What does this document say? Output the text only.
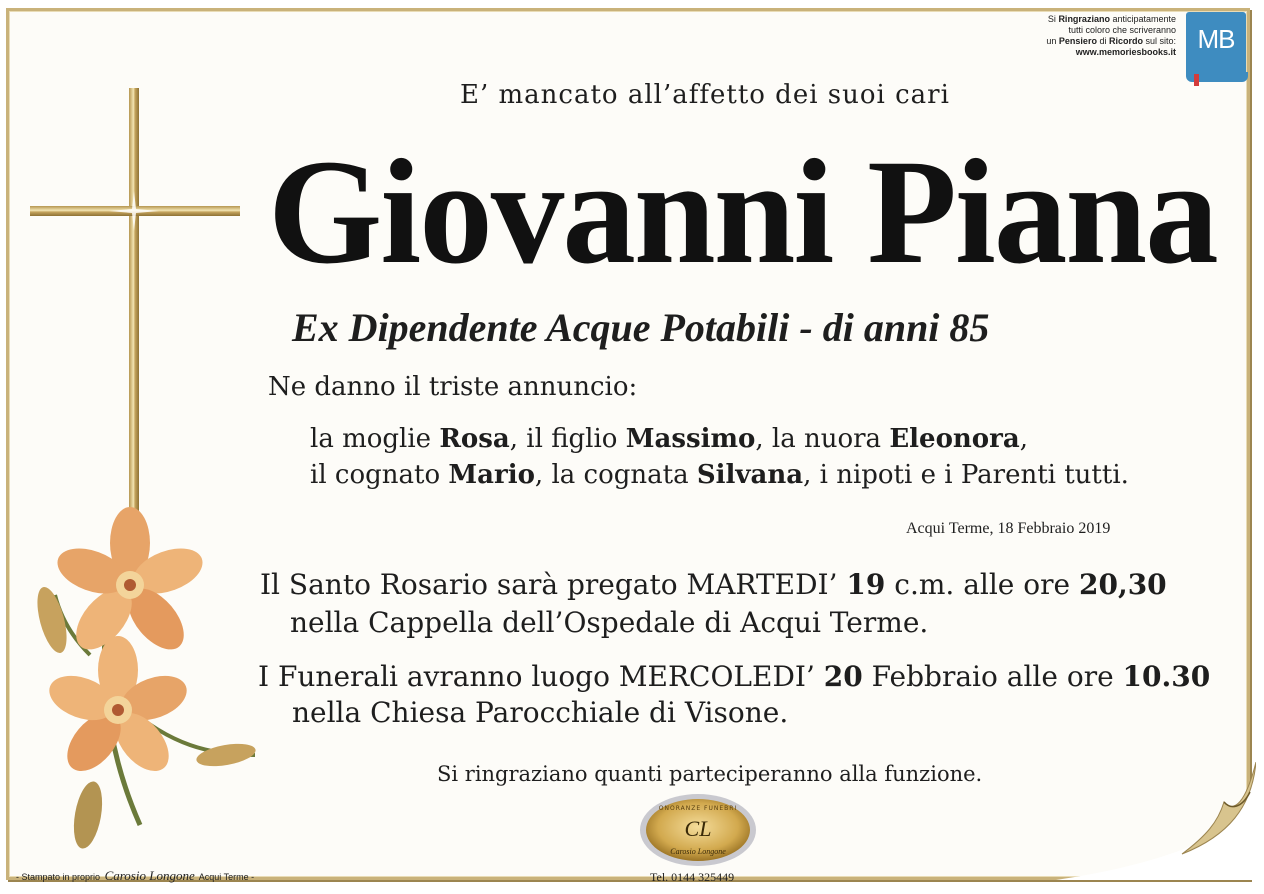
Si Ringraziano anticipatamente
tutti coloro che scriveranno
un Pensiero di Ricordo sul sito:
www.memoriesbooks.it MB
E’ mancato all’affetto dei suoi cari
Giovanni Piana
Ex Dipendente Acque Potabili - di anni 85
Ne danno il triste annuncio:
la moglie Rosa, il figlio Massimo, la nuora Eleonora,
il cognato Mario, la cognata Silvana, i nipoti e i Parenti tutti.
Acqui Terme, 18 Febbraio 2019
Il Santo Rosario sarà pregato MARTEDI’ 19 c.m. alle ore 20,30
nella Cappella dell’Ospedale di Acqui Terme.
I Funerali avranno luogo MERCOLEDI’ 20 Febbraio alle ore 10.30
nella Chiesa Parocchiale di Visone.
Si ringraziano quanti parteciperanno alla funzione.
ONORANZE FUNEBRI
CL
Carosio Longone
Tel. 0144 325449
- Stampato in proprio Carosio Longone Acqui Terme -
